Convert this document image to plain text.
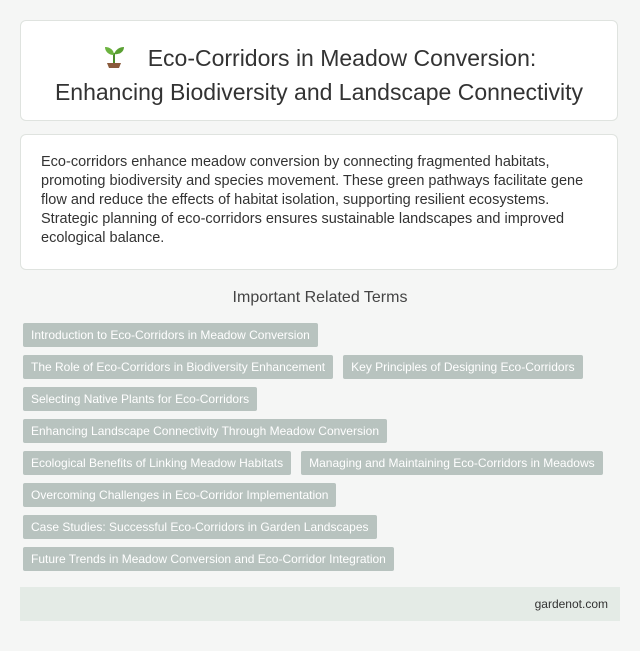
Eco-Corridors in Meadow Conversion:
Enhancing Biodiversity and Landscape Connectivity

Eco-corridors enhance meadow conversion by connecting fragmented habitats, promoting biodiversity and species movement. These green pathways facilitate gene flow and reduce the effects of habitat isolation, supporting resilient ecosystems. Strategic planning of eco-corridors ensures sustainable landscapes and improved ecological balance.

Important Related Terms
Introduction to Eco-Corridors in Meadow Conversion
The Role of Eco-Corridors in Biodiversity Enhancement	Key Principles of Designing Eco-Corridors
Selecting Native Plants for Eco-Corridors
Enhancing Landscape Connectivity Through Meadow Conversion
Ecological Benefits of Linking Meadow Habitats	Managing and Maintaining Eco-Corridors in Meadows
Overcoming Challenges in Eco-Corridor Implementation
Case Studies: Successful Eco-Corridors in Garden Landscapes
Future Trends in Meadow Conversion and Eco-Corridor Integration
gardenot.com
